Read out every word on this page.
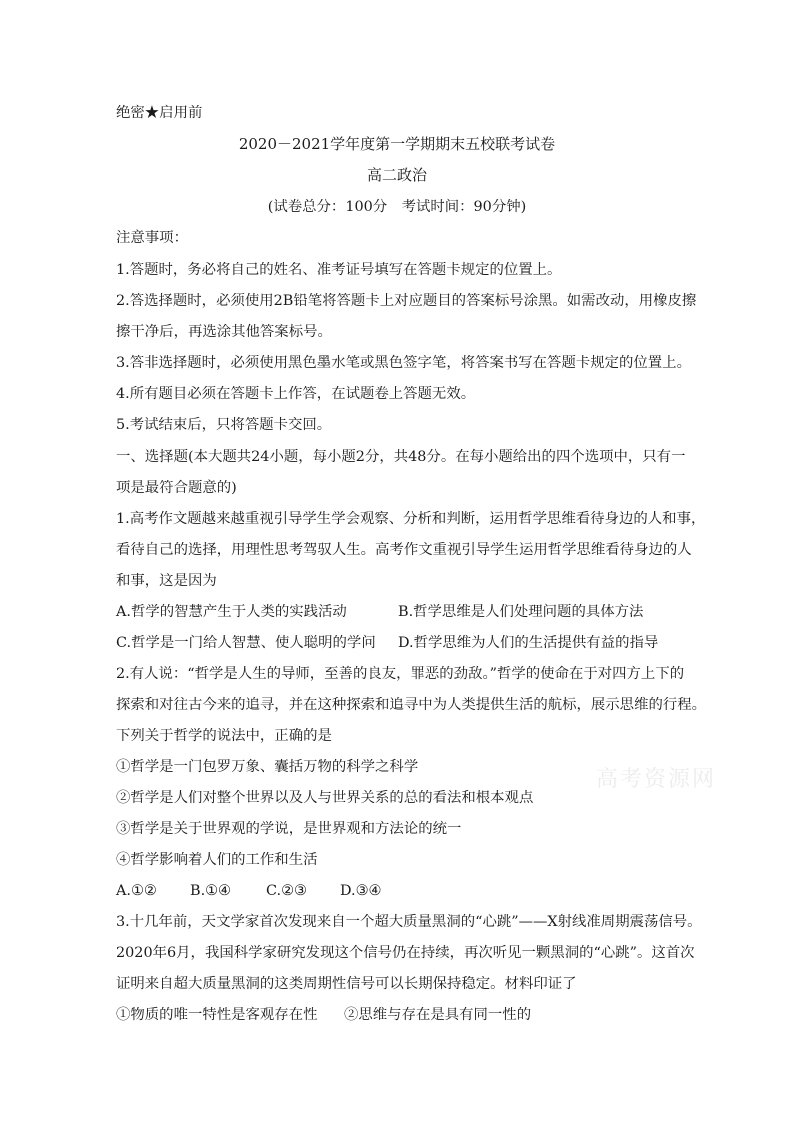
绝密★启用前
2020－2021学年度第一学期期末五校联考试卷
高二政治
(试卷总分：100分　考试时间：90分钟)
注意事项：
1.答题时，务必将自己的姓名、准考证号填写在答题卡规定的位置上。
2.答选择题时，必须使用2B铅笔将答题卡上对应题目的答案标号涂黑。如需改动，用橡皮擦
擦干净后，再选涂其他答案标号。
3.答非选择题时，必须使用黑色墨水笔或黑色签字笔，将答案书写在答题卡规定的位置上。
4.所有题目必须在答题卡上作答，在试题卷上答题无效。
5.考试结束后，只将答题卡交回。
一、选择题(本大题共24小题，每小题2分，共48分。在每小题给出的四个选项中，只有一
项是最符合题意的)
1.高考作文题越来越重视引导学生学会观察、分析和判断，运用哲学思维看待身边的人和事，
看待自己的选择，用理性思考驾驭人生。高考作文重视引导学生运用哲学思维看待身边的人
和事，这是因为
A.哲学的智慧产生于人类的实践活动	B.哲学思维是人们处理问题的具体方法
C.哲学是一门给人智慧、使人聪明的学问 D.哲学思维为人们的生活提供有益的指导
2.有人说：“哲学是人生的导师，至善的良友，罪恶的劲敌。”哲学的使命在于对四方上下的
探索和对往古今来的追寻，并在这种探索和追寻中为人类提供生活的航标，展示思维的行程。
下列关于哲学的说法中，正确的是
①哲学是一门包罗万象、囊括万物的科学之科学
②哲学是人们对整个世界以及人与世界关系的总的看法和根本观点
③哲学是关于世界观的学说，是世界观和方法论的统一
④哲学影响着人们的工作和生活
A.①② B.①④ C.②③ D.③④
3.十几年前，天文学家首次发现来自一个超大质量黑洞的“心跳”——X射线准周期震荡信号。
2020年6月，我国科学家研究发现这个信号仍在持续，再次听见一颗黑洞的“心跳”。这首次
证明来自超大质量黑洞的这类周期性信号可以长期保持稳定。材料印证了
①物质的唯一特性是客观存在性 ②思维与存在是具有同一性的
高考资源网
